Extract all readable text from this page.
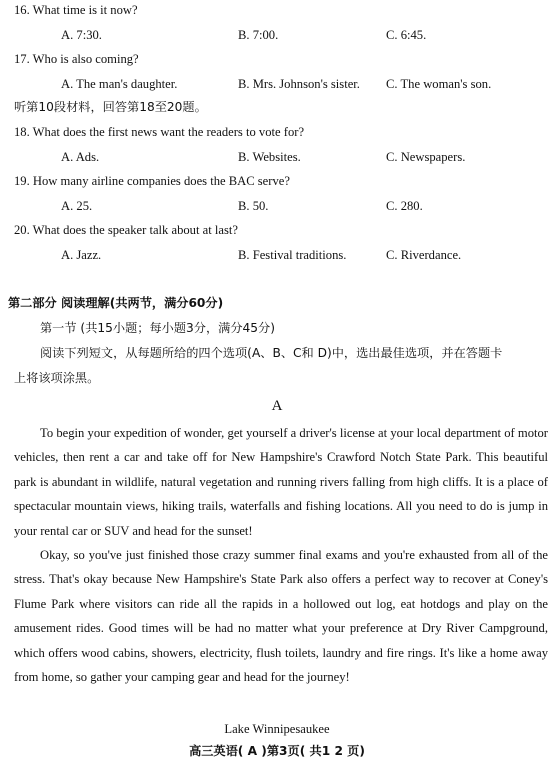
16. What time is it now?
A. 7:30.	B. 7:00.	C. 6:45.
17. Who is also coming?
A. The man's daughter.	B. Mrs. Johnson's sister. C. The woman's son.
听第10段材料，回答第18至20题。
18. What does the first news want the readers to vote for?
A. Ads.	B. Websites.	C. Newspapers.
19. How many airline companies does the BAC serve?
A. 25.	B. 50.	C. 280.
20. What does the speaker talk about at last?
A. Jazz.	B. Festival traditions.	C. Riverdance.
第二部分 阅读理解(共两节，满分60分)
第一节 (共15小题；每小题3分，满分45分)
阅读下列短文，从每题所给的四个选项(A、B、C和 D)中，选出最佳选项，并在答题卡
上将该项涂黑。
A

To begin your expedition of wonder, get yourself a driver's license at your local department of motor vehicles, then rent a car and take off for New Hampshire's Crawford Notch State Park. This beautiful park is abundant in wildlife, natural vegetation and running rivers falling from high cliffs. It is a place of spectacular mountain views, hiking trails, waterfalls and fishing locations. All you need to do is jump in your rental car or SUV and head for the sunset!

Okay, so you've just finished those crazy summer final exams and you're exhausted from all of the stress. That's okay because New Hampshire's State Park also offers a perfect way to recover at Coney's Flume Park where visitors can ride all the rapids in a hollowed out log, eat hotdogs and play on the amusement rides. Good times will be had no matter what your preference at Dry River Campground, which offers wood cabins, showers, electricity, flush toilets, laundry and fire rings. It's like a home away from home, so gather your camping gear and head for the journey!

Lake Winnipesaukee
高三英语( A )第3页( 共1 2 页)
